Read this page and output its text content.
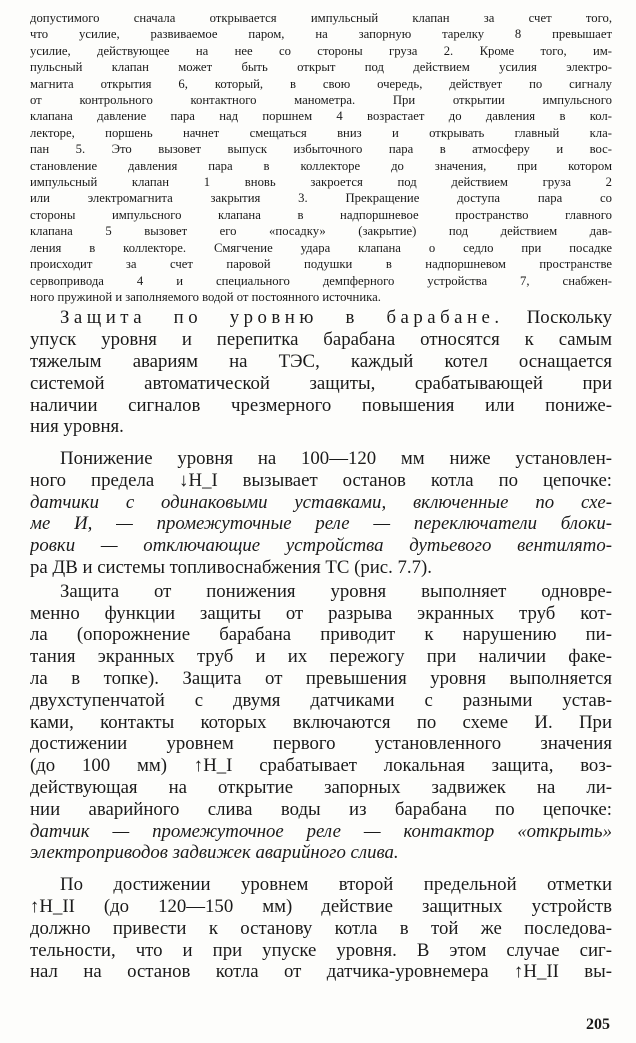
допустимого сначала открывается импульсный клапан за счет того,
что усилие, развиваемое паром, на запорную тарелку 8 превышает
усилие, действующее на нее со стороны груза 2. Кроме того, им-
пульсный клапан может быть открыт под действием усилия электро-
магнита открытия 6, который, в свою очередь, действует по сигналу
от контрольного контактного манометра. При открытии импульсного
клапана давление пара над поршнем 4 возрастает до давления в кол-
лекторе, поршень начнет смещаться вниз и открывать главный кла-
пан 5. Это вызовет выпуск избыточного пара в атмосферу и вос-
становление давления пара в коллекторе до значения, при котором
импульсный клапан 1 вновь закроется под действием груза 2
или электромагнита закрытия 3. Прекращение доступа пара со
стороны импульсного клапана в надпоршневое пространство главного
клапана 5 вызовет его «посадку» (закрытие) под действием дав-
ления в коллекторе. Смягчение удара клапана о седло при посадке
происходит за счет паровой подушки в надпоршневом пространстве
сервопривода 4 и специального демпферного устройства 7, снабжен-
ного пружиной и заполняемого водой от постоянного источника.
Защита по уровню в барабане. Поскольку
упуск уровня и перепитка барабана относятся к самым
тяжелым авариям на ТЭС, каждый котел оснащается
системой автоматической защиты, срабатывающей при
наличии сигналов чрезмерного повышения или пониже-
ния уровня.
Понижение уровня на 100—120 мм ниже установлен-
ного предела ↓H_I вызывает останов котла по цепочке:
датчики с одинаковыми уставками, включенные по схе-
ме И, — промежуточные реле — переключатели блоки-
ровки — отключающие устройства дутьевого вентилято-
ра ДВ и системы топливоснабжения ТС (рис. 7.7).
Защита от понижения уровня выполняет одновре-
менно функции защиты от разрыва экранных труб кот-
ла (опорожнение барабана приводит к нарушению пи-
тания экранных труб и их пережогу при наличии факе-
ла в топке). Защита от превышения уровня выполняется
двухступенчатой с двумя датчиками с разными устав-
ками, контакты которых включаются по схеме И. При
достижении уровнем первого установленного значения
(до 100 мм) ↑H_I срабатывает локальная защита, воз-
действующая на открытие запорных задвижек на ли-
нии аварийного слива воды из барабана по цепочке:
датчик — промежуточное реле — контактор «открыть»
электроприводов задвижек аварийного слива.
По достижении уровнем второй предельной отметки
↑H_II (до 120—150 мм) действие защитных устройств
должно привести к останову котла в той же последова-
тельности, что и при упуске уровня. В этом случае сиг-
нал на останов котла от датчика-уровнемера ↑H_II вы-
205
